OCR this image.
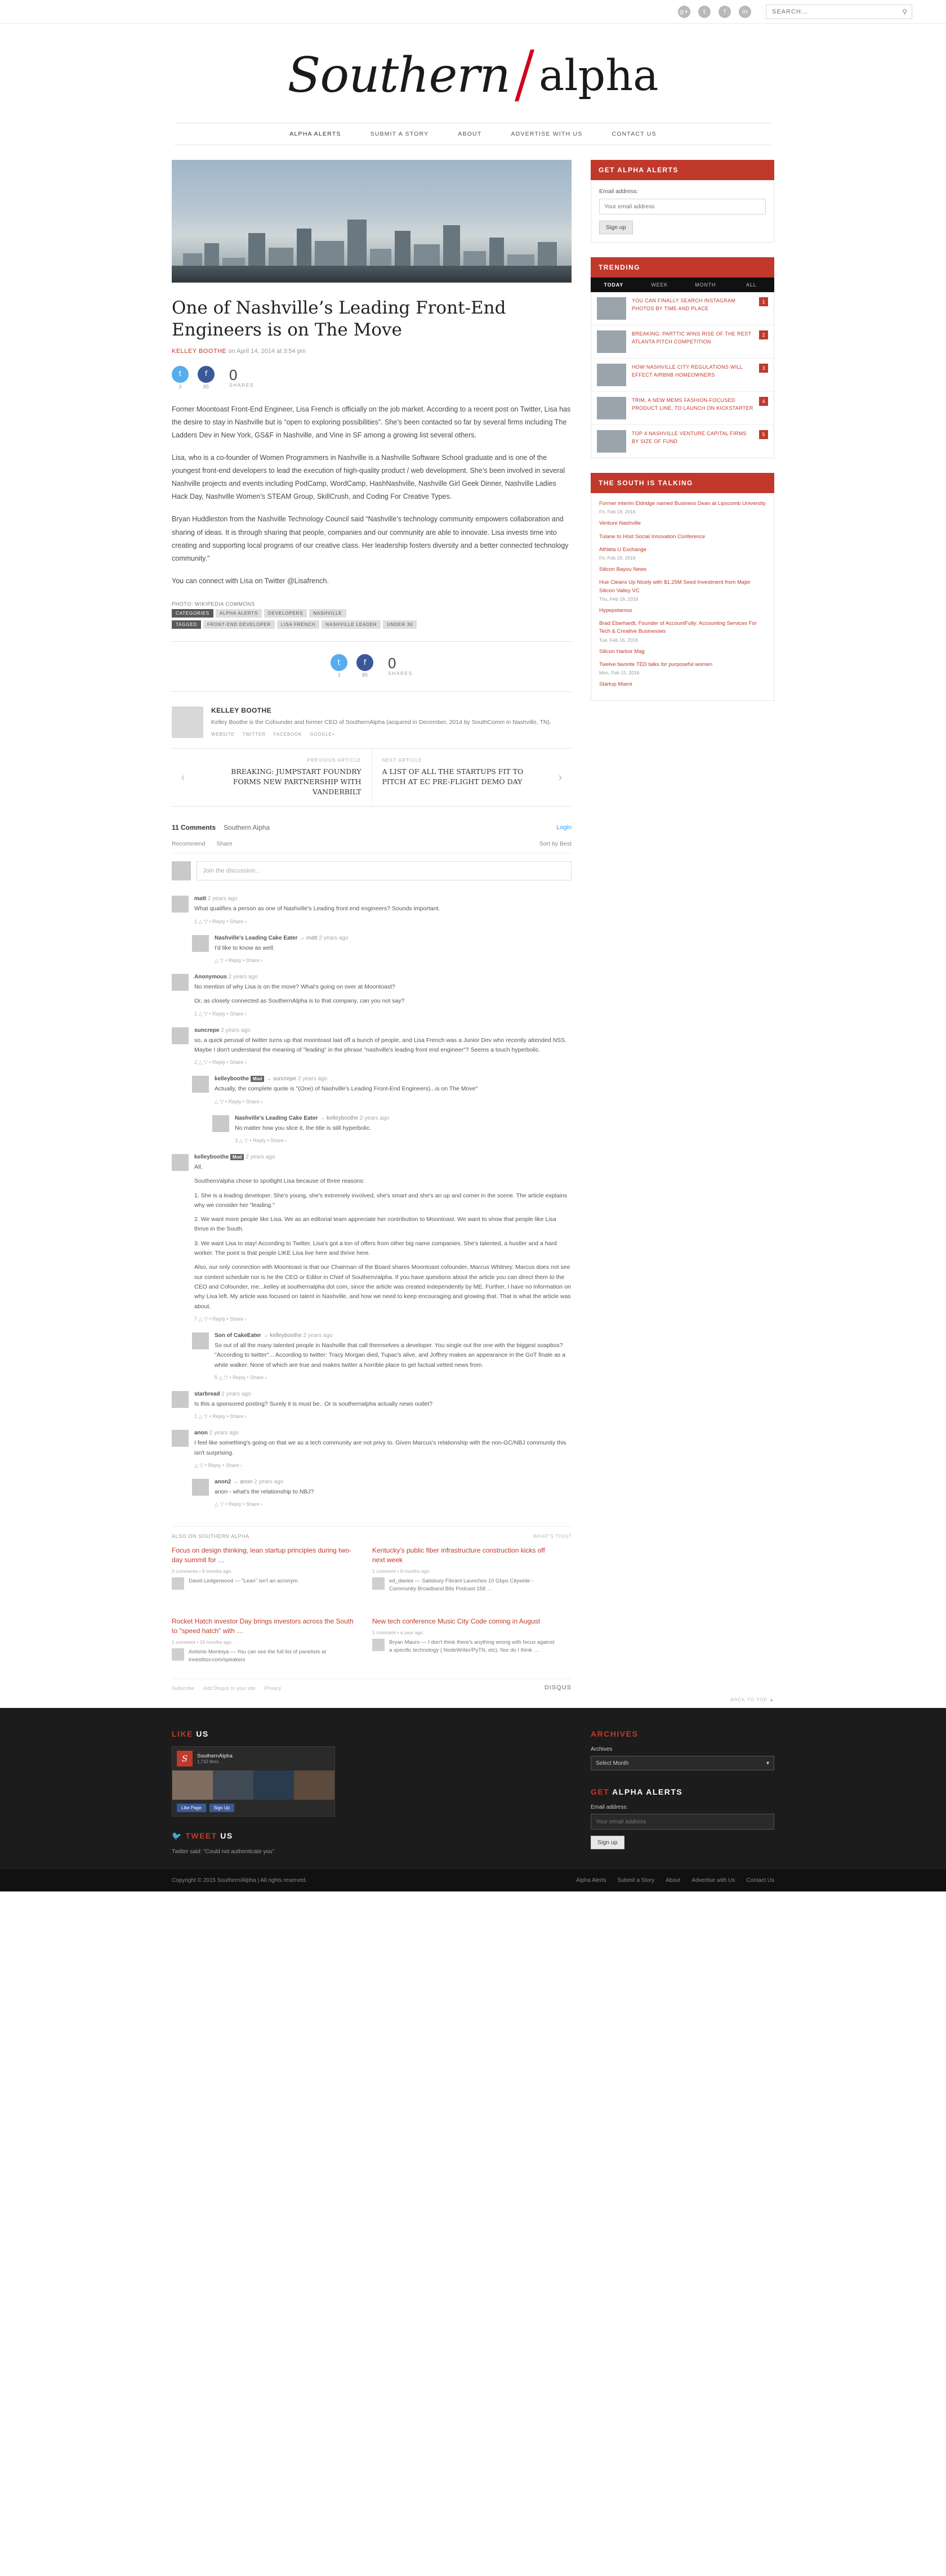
g+	t	f	in
SEARCH...	⚲
Southern alpha
ALPHA ALERTS	SUBMIT A STORY	ABOUT	ADVERTISE WITH US	CONTACT US
One of Nashville’s Leading Front-End Engineers is on The Move
KELLEY BOOTHE on April 14, 2014 at 3:54 pm
t
3
f
85
0
SHARES

Former Moontoast Front-End Engineer, Lisa French is officially on the job market. According to a recent post on Twitter, Lisa has the desire to stay in Nashville but is “open to exploring possibilities”. She’s been contacted so far by several firms including The Ladders Dev in New York, GS&F in Nashville, and Vine in SF among a growing list several others.

Lisa, who is a co-founder of Women Programmers in Nashville is a Nashville Software School graduate and is one of the youngest front-end developers to lead the execution of high-quality product / web development. She’s been involved in several Nashville projects and events including PodCamp, WordCamp, HashNashville, Nashville Girl Geek Dinner, Nashville Ladies Hack Day, Nashville Women’s STEAM Group, SkillCrush, and Coding For Creative Types.

Bryan Huddleston from the Nashville Technology Council said “Nashville’s technology community empowers collaboration and sharing of ideas. It is through sharing that people, companies and our community are able to innovate. Lisa invests time into creating and supporting local programs of our creative class. Her leadership fosters diversity and a better connected technology community.”

You can connect with Lisa on Twitter @Lisafrench.

PHOTO: WIKIPEDIA COMMONS
CATEGORIES	ALPHA ALERTS	DEVELOPERS	NASHVILLE
TAGGED	FRONT-END DEVELOPER	LISA FRENCH	NASHVILLE LEADER	UNDER 30
t
3
f
85
0
SHARES
KELLEY BOOTHE

Kelley Boothe is the Cofounder and former CEO of SouthernAlpha (acquired in December, 2014 by SouthComm in Nashville, TN).

WEBSITE TWITTER FACEBOOK GOOGLE+
‹
PREVIOUS ARTICLE
BREAKING: JUMPSTART FOUNDRY FORMS NEW PARTNERSHIP WITH VANDERBILT
NEXT ARTICLE
A LIST OF ALL THE STARTUPS FIT TO PITCH AT EC PRE-FLIGHT DEMO DAY	›
11 Comments Southern Alpha	Login
Recommend Share	Sort by Best
Join the discussion…
matt 2 years ago

What qualifies a person as one of Nashville's Leading front end engineers? Sounds important.

1 △ ▽ • Reply • Share ›
Nashville's Leading Cake Eater → matt 2 years ago

I'd like to know as well.

△ ▽ • Reply • Share ›
Anonymous 2 years ago

No mention of why Lisa is on the move? What's going on over at Moontoast?

Or, as closely connected as SouthernAlpha is to that company, can you not say?

1 △ ▽ • Reply • Share ›
suncrepe 2 years ago

so, a quick perusal of twitter turns up that moontoast laid off a bunch of people, and Lisa French was a Junior Dev who recently attended NSS. Maybe I don't understand the meaning of "leading" in the phrase "nashville's leading front end engineer"? Seems a touch hyperbolic.

2 △ ▽ • Reply • Share ›
kelleyboothe Mod → suncrepe 2 years ago

Actually, the complete quote is "(One) of Nashville's Leading Front-End Engineers)...is on The Move"

△ ▽ • Reply • Share ›
Nashville's Leading Cake Eater → kelleyboothe 2 years ago

No matter how you slice it, the title is still hyperbolic.

3 △ ▽ • Reply • Share ›
kelleyboothe Mod 2 years ago

All,

Southern/alpha chose to spotlight Lisa because of three reasons:

1. She is a leading developer. She's young, she's extremely involved, she's smart and she's an up and comer in the scene. The article explains why we consider her "leading."

2. We want more people like Lisa. We as an editorial team appreciate her contribution to Moontoast. We want to show that people like Lisa thrive in the South.

3. We want Lisa to stay! According to Twitter, Lisa's got a ton of offers from other big name companies. She's talented, a hustler and a hard worker. The point is that people LIKE Lisa live here and thrive here.

Also, our only connection with Moontoast is that our Chairman of the Board shares Moontoast cofounder, Marcus Whitney. Marcus does not see our content schedule nor is he the CEO or Editor in Chief of Southern/alpha. If you have questions about the article you can direct them to the CEO and Cofounder, me...kelley at southernalpha dot com, since the article was created independently by ME. Further, I have no information on why Lisa left. My article was focused on talent in Nashville, and how we need to keep encouraging and growing that. That is what the article was about.

7 △ ▽ • Reply • Share ›
Son of CakeEater → kelleyboothe 2 years ago

So out of all the many talented people in Nashville that call themselves a developer. You single out the one with the biggest soapbox? "According to twitter"... According to twitter: Tracy Morgan died, Tupac's alive, and Joffrey makes an appearance in the GoT finale as a white walker. None of which are true and makes twitter a horrible place to get factual vetted news from.

5 △ ▽ • Reply • Share ›
starbread 2 years ago

Is this a sponsored posting? Surely it is must be.. Or is southernalpha actually news outlet?

1 △ ▽ • Reply • Share ›
anon 2 years ago

I feel like something's going on that we as a tech community are not privy to. Given Marcus's relationship with the non-GC/NBJ community this isn't surprising.

△ ▽ • Reply • Share ›
anon2 → anon 2 years ago

anon - what's the relationship to NBJ?

△ ▽ • Reply • Share ›
ALSO ON SOUTHERN ALPHA	WHAT'S THIS?
Focus on design thinking, lean startup principles during two-day summit for …
3 comments • 9 months ago
David Ledgerwood — "Lean" isn't an acronym.
Kentucky's public fiber infrastructure construction kicks off next week
1 comment • 9 months ago
ed_davies — Salisbury Fibrant Launches 10 Gbps Citywide - Community Broadband Bits Podcast 158 …
Rocket Hatch investor Day brings investors across the South to "speed hatch" with …
1 comment • 10 months ago
Antonio Montoya — You can see the full list of panelists at investbsv.com/speakers
New tech conference Music City Code coming in August
1 comment • a year ago
Bryan Mauro — I don't think there's anything wrong with focus against a specific technology ( NodeWriter/PyTN, etc). Nor do I think …
Subscribe Add Disqus to your site Privacy	DISQUS
GET ALPHA ALERTS
Email address:
Your email address Sign up
TRENDING
TODAY	WEEK	MONTH	ALL
YOU CAN FINALLY SEARCH INSTAGRAM PHOTOS BY TIME AND PLACE
1
BREAKING: PARTTIC WINS RISE OF THE REST ATLANTA PITCH COMPETITION
2
HOW NASHVILLE CITY REGULATIONS WILL EFFECT AIRBNB HOMEOWNERS
3
TRIM, A NEW MEMS FASHION-FOCUSED PRODUCT LINE, TO LAUNCH ON KICKSTARTER
4
TOP 4 NASHVILLE VENTURE CAPITAL FIRMS BY SIZE OF FUND
5
THE SOUTH IS TALKING
Former interim Eldridge named Business Dean at Lipscomb University
Fri, Feb 19, 2016
Venture Nashville
Tulane to Host Social Innovation Conference
Athleta U Exchange
Fri, Feb 19, 2016
Silicon Bayou News
Hue Cleans Up Nicely with $1.25M Seed Investment from Major Silicon Valley VC
Thu, Feb 18, 2016
Hypepotamus
Brad Eberhardt, Founder of AccountFully: Accounting Services For Tech & Creative Businesses
Tue, Feb 16, 2016
Silicon Harbor Mag
Twelve favorite TED talks for purposeful women
Mon, Feb 15, 2016
Startup Miami
BACK TO TOP ▲
LIKE US
S	SouthernAlpha
1,742 likes
Like Page	Sign Up
🐦 TWEET US
Twitter said: "Could not authenticate you"
ARCHIVES
Archives
Select Month	▾
GET ALPHA ALERTS
Email address:
Your email address Sign up
Copyright © 2015 Southern/Alpha | All rights reserved.	Alpha Alerts Submit a Story About Advertise with Us Contact Us
